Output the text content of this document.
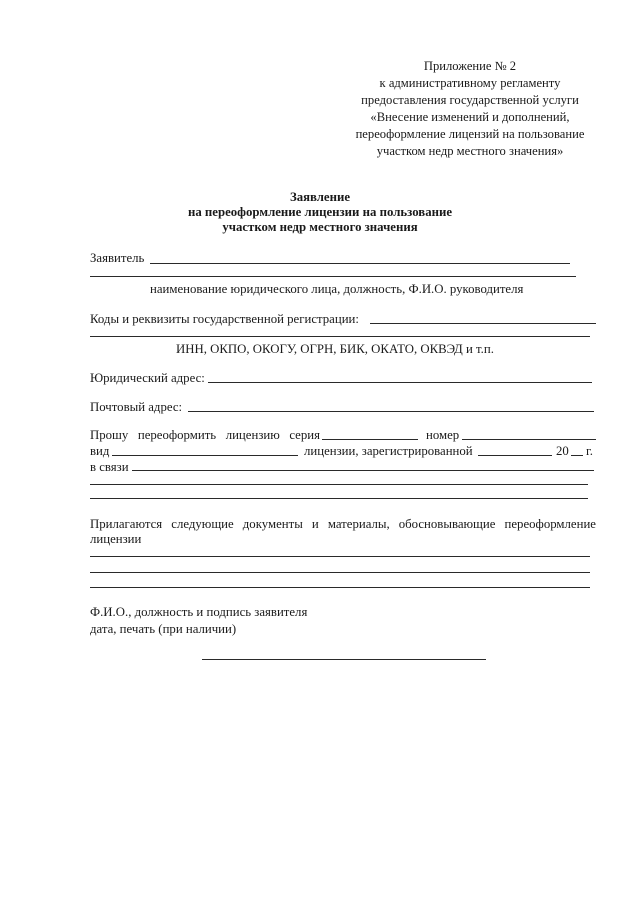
Приложение № 2
к административному регламенту
предоставления государственной услуги
«Внесение изменений и дополнений,
переоформление лицензий на пользование
участком недр местного значения»
Заявление
на переоформление лицензии на пользование
участком недр местного значения
Заявитель
наименование юридического лица, должность, Ф.И.О. руководителя
Коды и реквизиты государственной регистрации:
ИНН, ОКПО, ОКОГУ, ОГРН, БИК, ОКАТО, ОКВЭД и т.п.
Юридический адрес:
Почтовый адрес:
Прошу переоформить лицензию серия	номер
вид	лицензии, зарегистрированной	20 г.
в связи
Прилагаются следующие документы и материалы, обосновывающие переоформление
лицензии
Ф.И.О., должность и подпись заявителя
дата, печать (при наличии)
